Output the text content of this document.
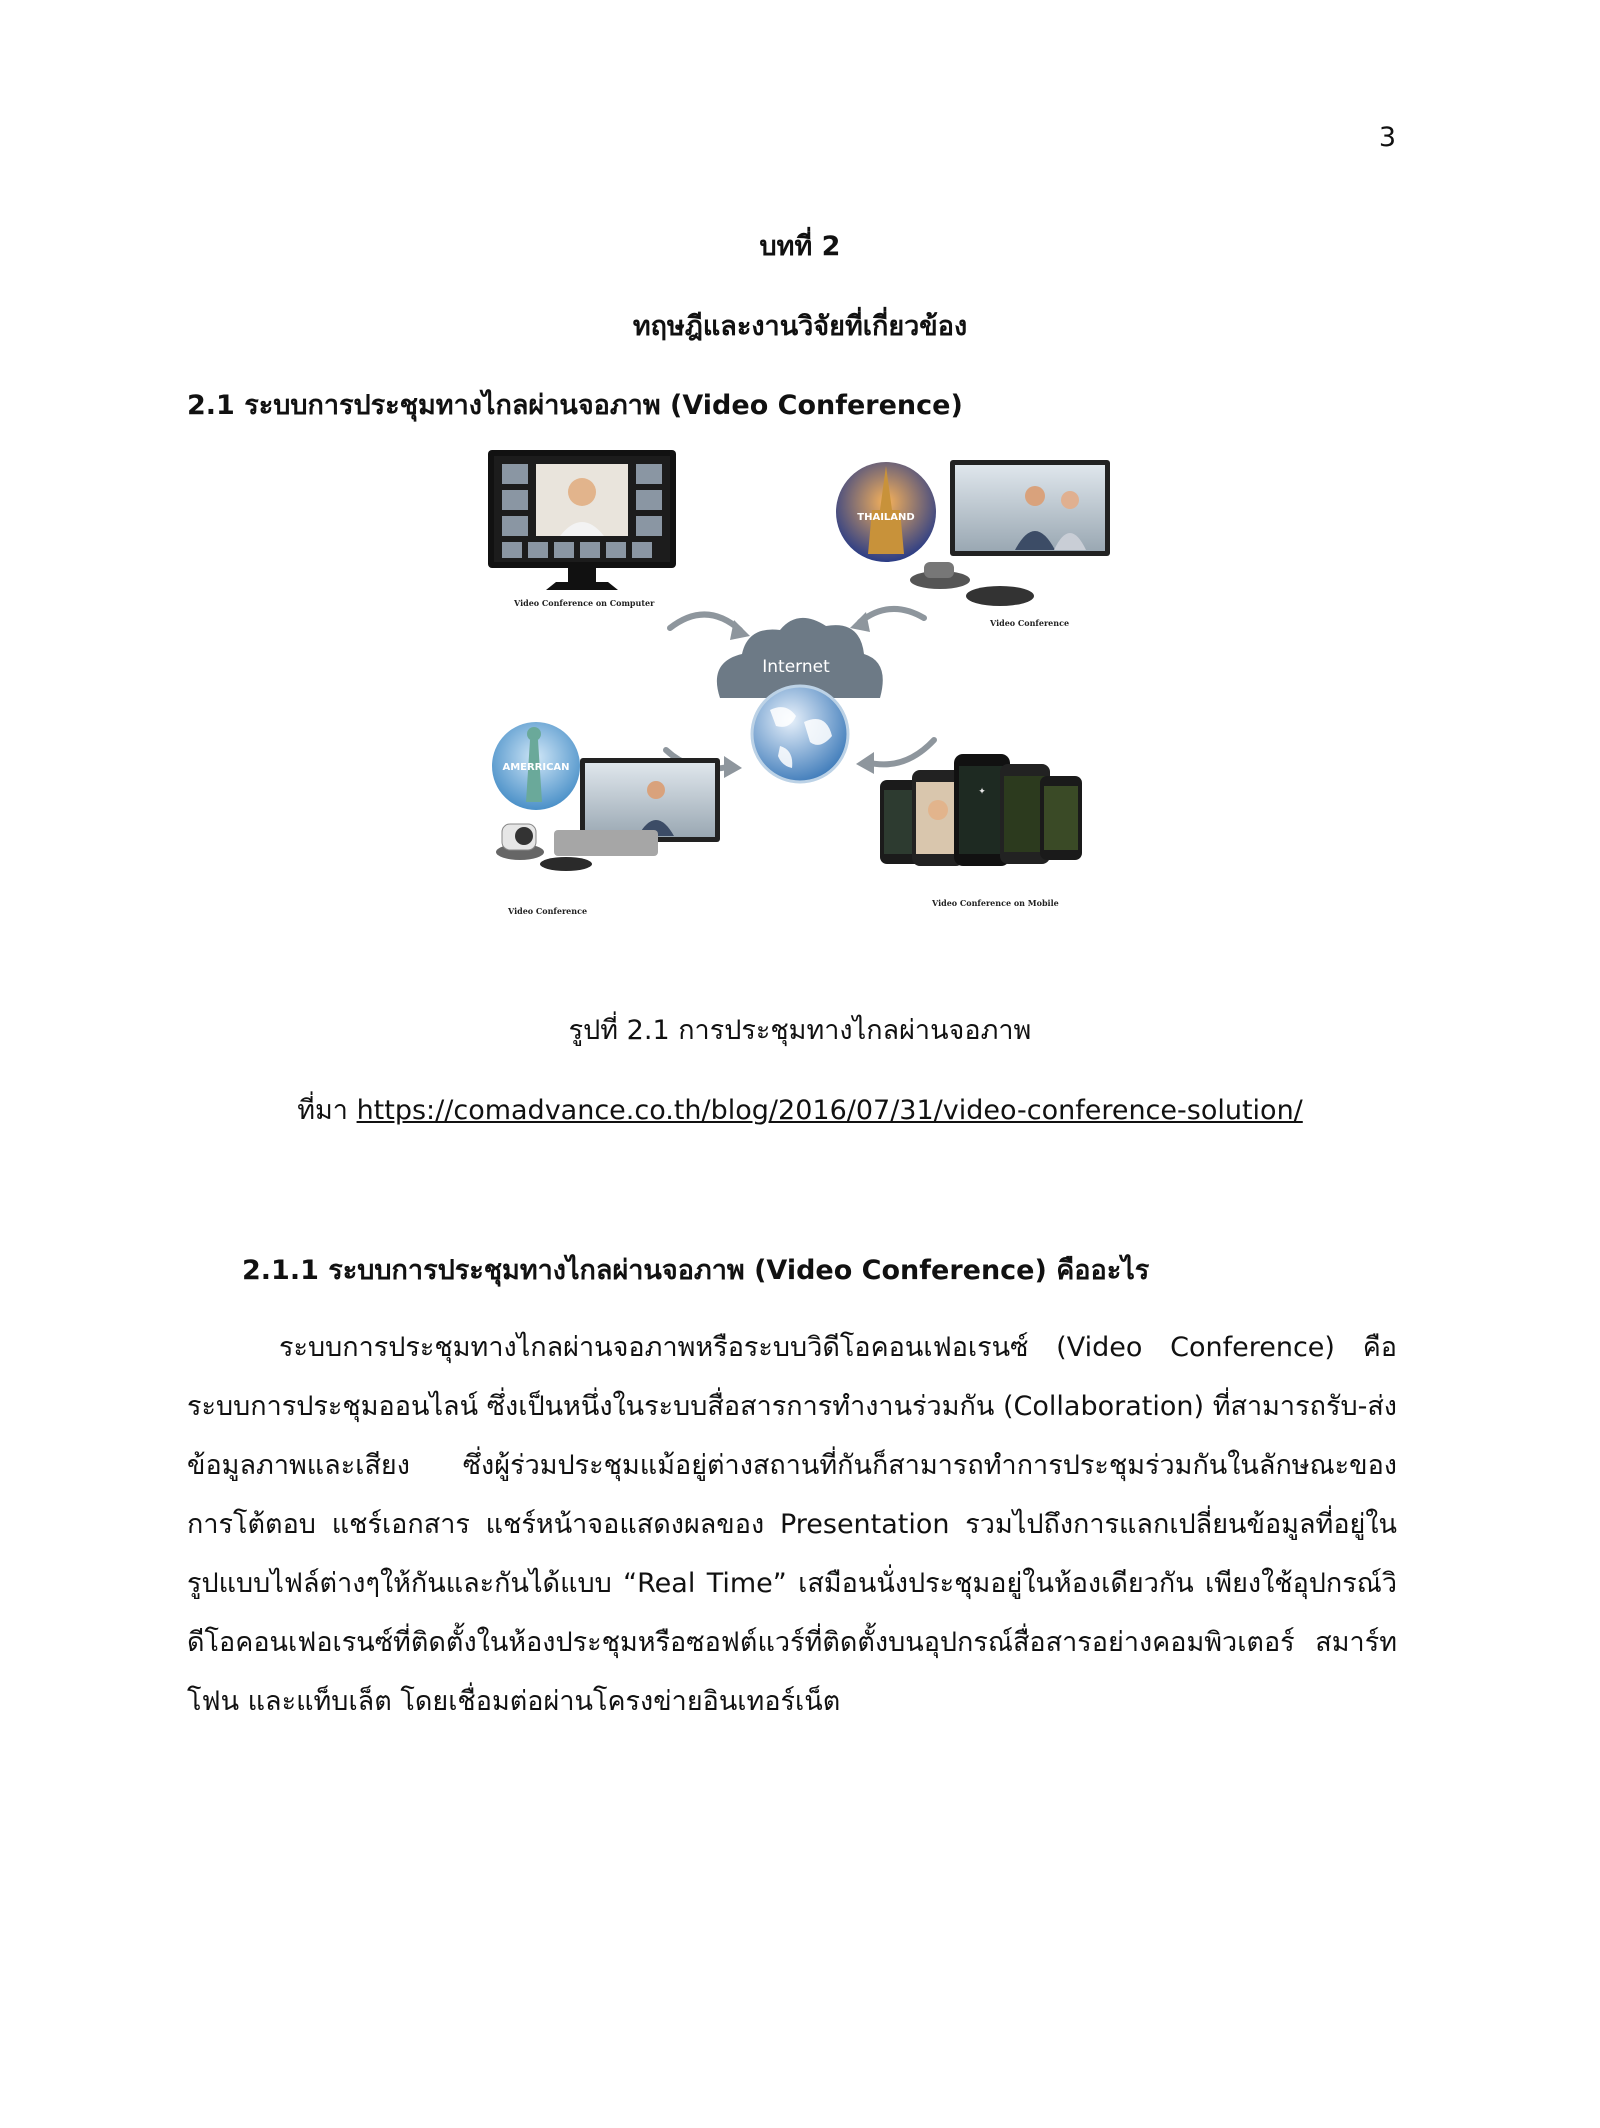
3
บทที่ 2
ทฤษฎีและงานวิจัยที่เกี่ยวข้อง
2.1 ระบบการประชุมทางไกลผ่านจอภาพ (Video Conference)
Video Conference on Computer
THAILAND
Video Conference
Internet
AMERRICAN
Video Conference
✦
Video Conference on Mobile
รูปที่ 2.1 การประชุมทางไกลผ่านจอภาพ
ที่มา https://comadvance.co.th/blog/2016/07/31/video-conference-solution/
2.1.1 ระบบการประชุมทางไกลผ่านจอภาพ (Video Conference) คืออะไร
ระบบการประชุมทางไกลผ่านจอภาพหรือระบบวิดีโอคอนเฟอเรนซ์ (Video Conference) คือ ระบบการประชุมออนไลน์ ซึ่งเป็นหนึ่งในระบบสื่อสารการทำงานร่วมกัน (Collaboration) ที่สามารถรับ-ส่งข้อมูลภาพและเสียง ซึ่งผู้ร่วมประชุมแม้อยู่ต่างสถานที่กันก็สามารถทำการประชุมร่วมกันในลักษณะของการโต้ตอบ แชร์เอกสาร แชร์หน้าจอแสดงผลของ Presentation รวมไปถึงการแลกเปลี่ยนข้อมูลที่อยู่ในรูปแบบไฟล์ต่างๆให้กันและกันได้แบบ “Real Time” เสมือนนั่งประชุมอยู่ในห้องเดียวกัน เพียงใช้อุปกรณ์วิดีโอคอนเฟอเรนซ์ที่ติดตั้งในห้องประชุมหรือซอฟต์แวร์ที่ติดตั้งบนอุปกรณ์สื่อสารอย่างคอมพิวเตอร์ สมาร์ทโฟน และแท็บเล็ต โดยเชื่อมต่อผ่านโครงข่ายอินเทอร์เน็ต
